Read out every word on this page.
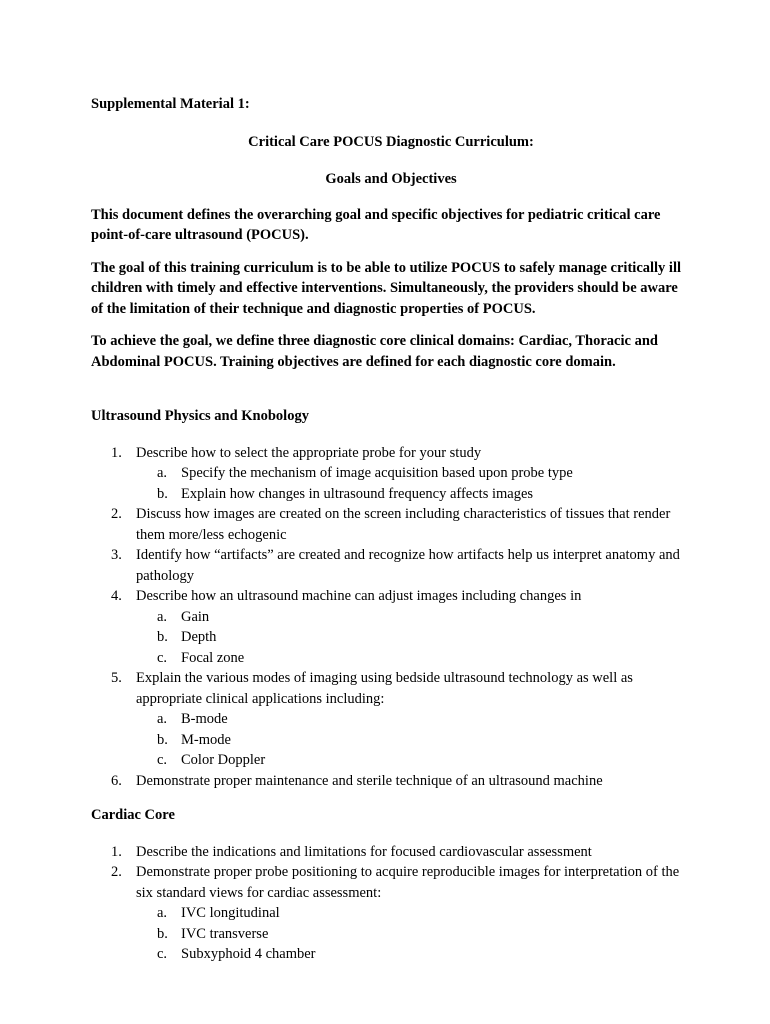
Supplemental Material 1:

Critical Care POCUS Diagnostic Curriculum:

Goals and Objectives

This document defines the overarching goal and specific objectives for pediatric critical care point-of-care ultrasound (POCUS).

The goal of this training curriculum is to be able to utilize POCUS to safely manage critically ill children with timely and effective interventions. Simultaneously, the providers should be aware of the limitation of their technique and diagnostic properties of POCUS.

To achieve the goal, we define three diagnostic core clinical domains: Cardiac, Thoracic and Abdominal POCUS. Training objectives are defined for each diagnostic core domain.

Ultrasound Physics and Knobology

1. Describe how to select the appropriate probe for your study
a. Specify the mechanism of image acquisition based upon probe type
b. Explain how changes in ultrasound frequency affects images
2. Discuss how images are created on the screen including characteristics of tissues that render them more/less echogenic
3. Identify how “artifacts” are created and recognize how artifacts help us interpret anatomy and pathology
4. Describe how an ultrasound machine can adjust images including changes in
a. Gain
b. Depth
c. Focal zone
5. Explain the various modes of imaging using bedside ultrasound technology as well as appropriate clinical applications including:
a. B-mode
b. M-mode
c. Color Doppler
6. Demonstrate proper maintenance and sterile technique of an ultrasound machine

Cardiac Core

1. Describe the indications and limitations for focused cardiovascular assessment
2. Demonstrate proper probe positioning to acquire reproducible images for interpretation of the six standard views for cardiac assessment:
a. IVC longitudinal
b. IVC transverse
c. Subxyphoid 4 chamber
